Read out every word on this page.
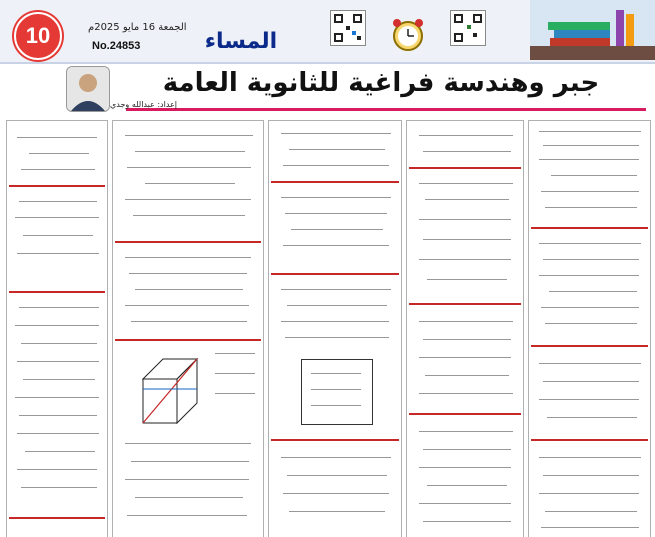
10	الجمعة 16 مايو 2025م
No.24853	المساء
جبر وهندسة فراغية للثانوية العامة
إعداد: عبدالله وجدي
